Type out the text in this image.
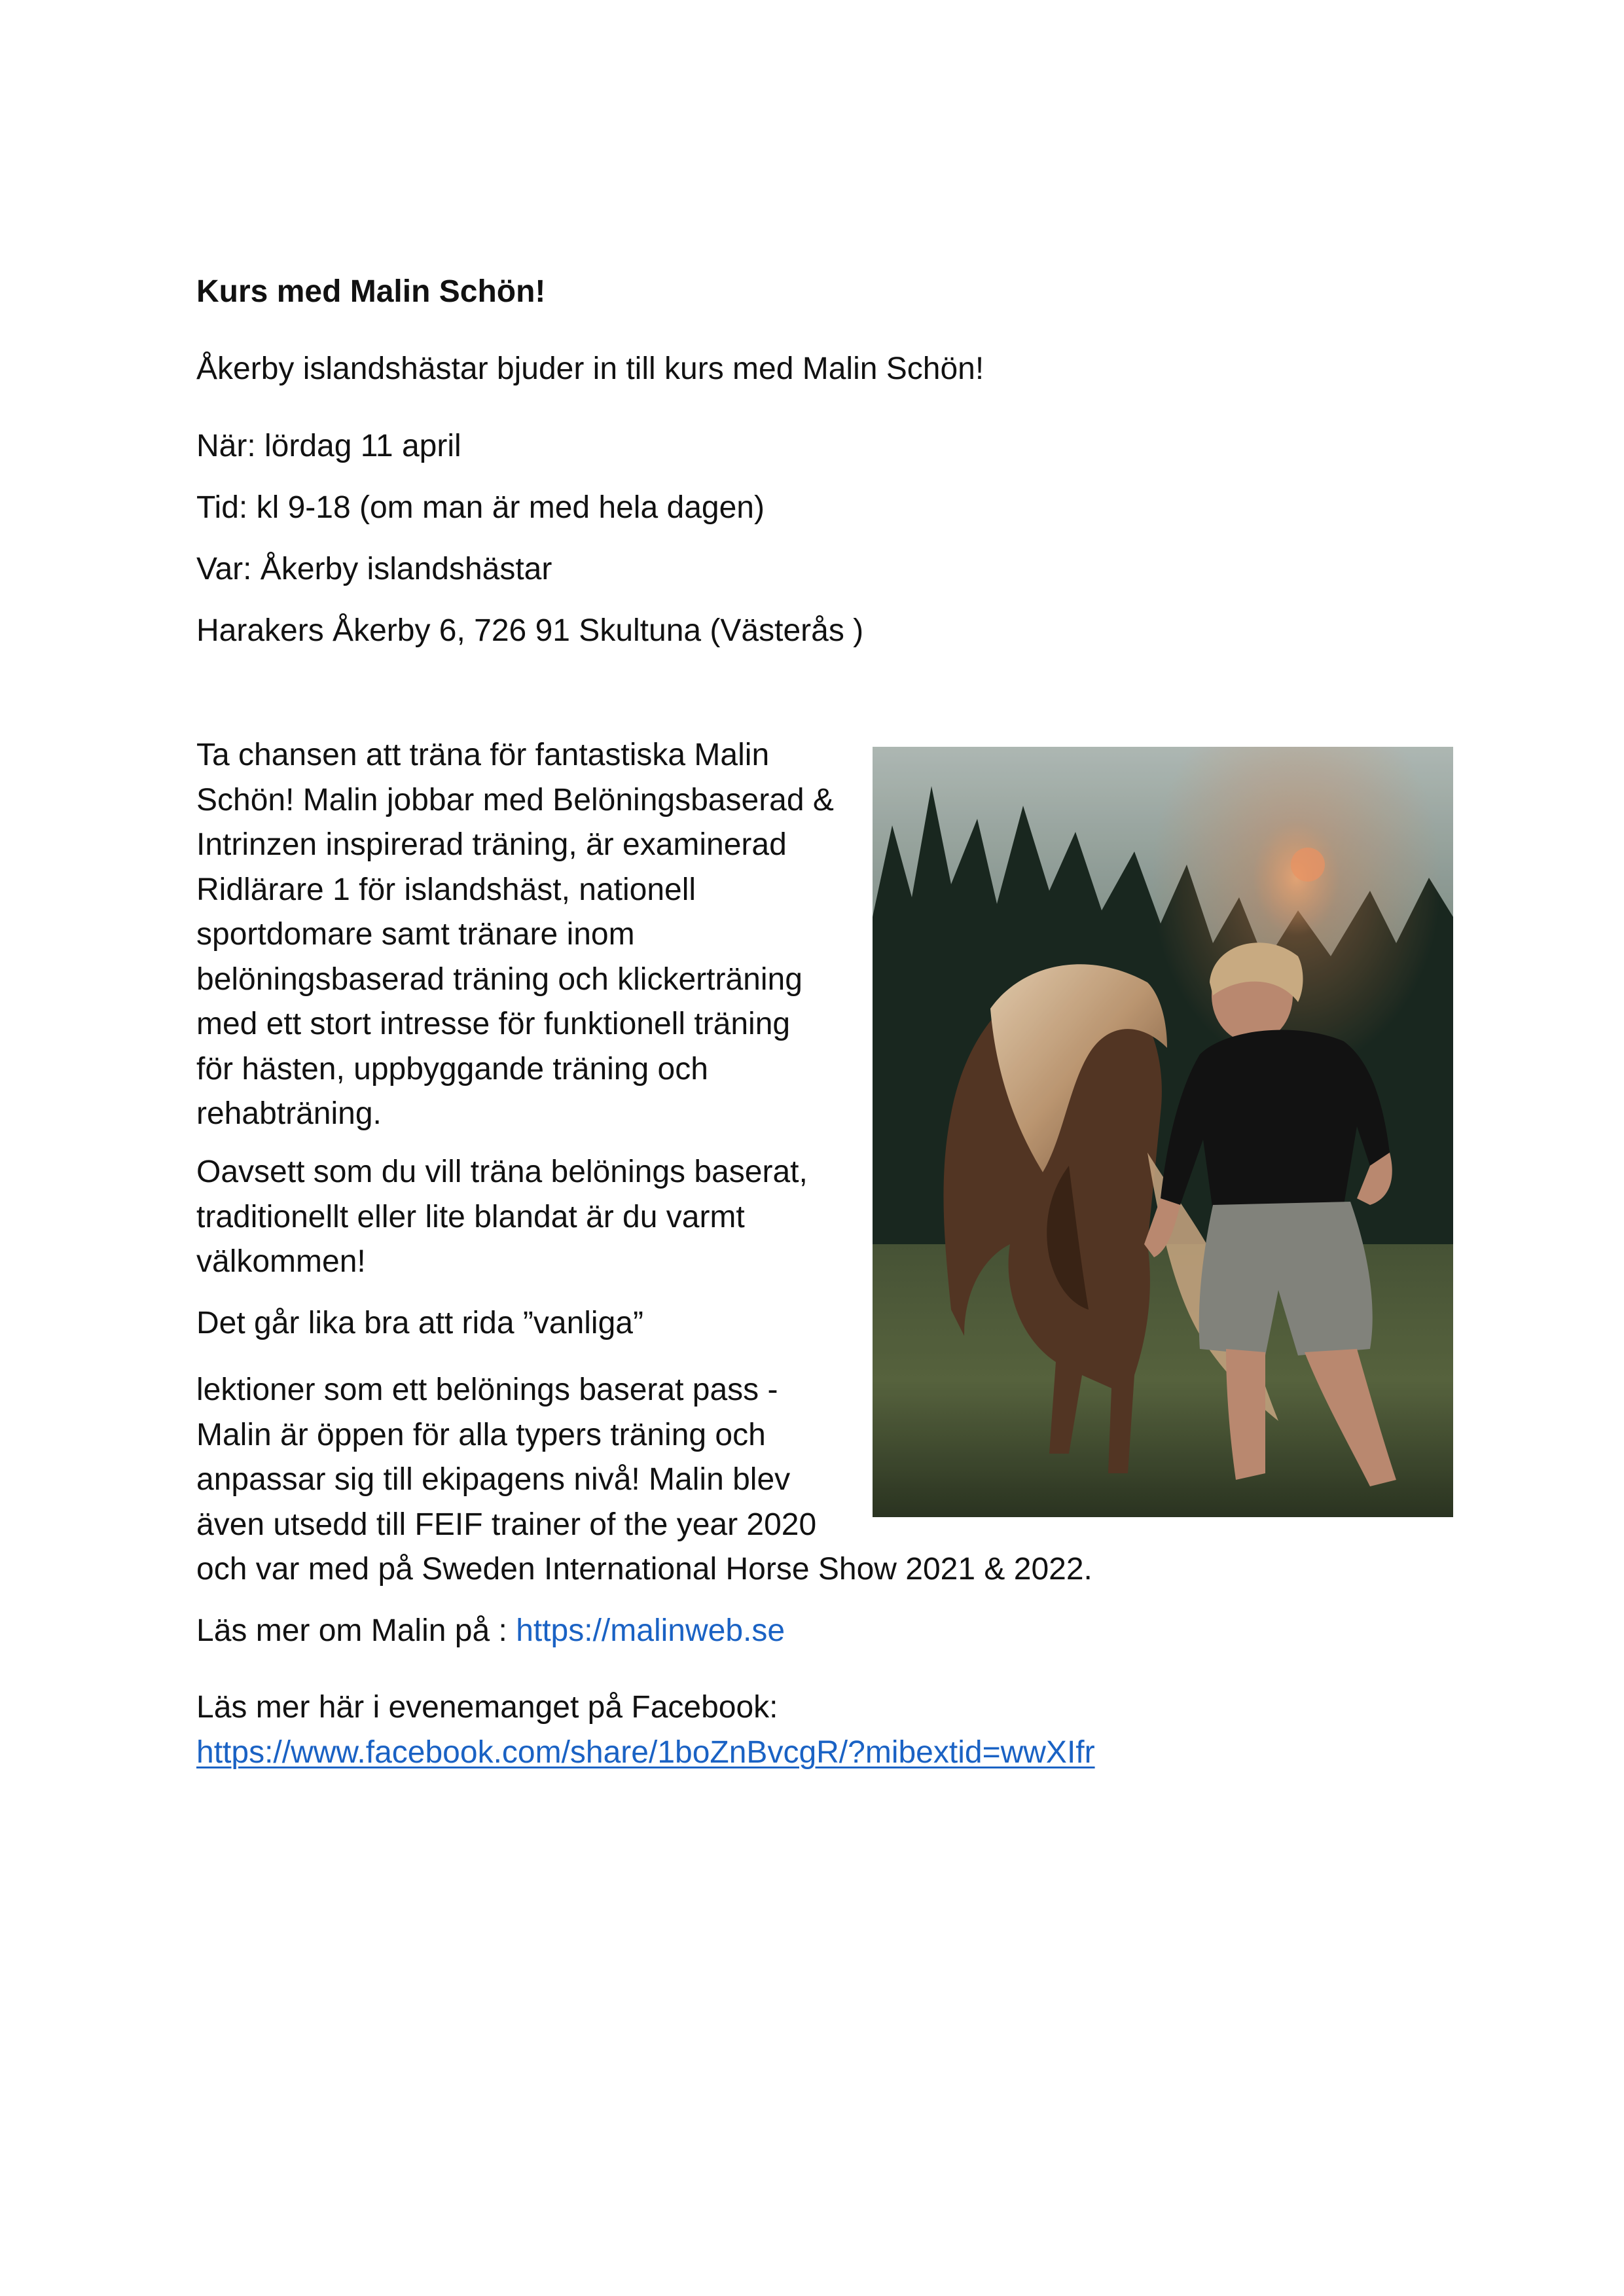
Kurs med Malin Schön!

Åkerby islandshästar bjuder in till kurs med Malin Schön!

När: lördag 11 april

Tid: kl 9-18 (om man är med hela dagen)

Var: Åkerby islandshästar

Harakers Åkerby 6, 726 91 Skultuna (Västerås )

Ta chansen att träna för fantastiska Malin
Schön! Malin jobbar med Belöningsbaserad &
Intrinzen inspirerad träning, är examinerad
Ridlärare 1 för islandshäst, nationell
sportdomare samt tränare inom
belöningsbaserad träning och klickerträning
med ett stort intresse för funktionell träning
för hästen, uppbyggande träning och
rehabträning.

Oavsett som du vill träna belönings baserat,
traditionellt eller lite blandat är du varmt
välkommen!

Det går lika bra att rida ”vanliga”

lektioner som ett belönings baserat pass -
Malin är öppen för alla typers träning och
anpassar sig till ekipagens nivå! Malin blev
även utsedd till FEIF trainer of the year 2020
och var med på Sweden International Horse Show 2021 & 2022.

Läs mer om Malin på : https://malinweb.se

Läs mer här i evenemanget på Facebook:
https://www.facebook.com/share/1boZnBvcgR/?mibextid=wwXIfr
